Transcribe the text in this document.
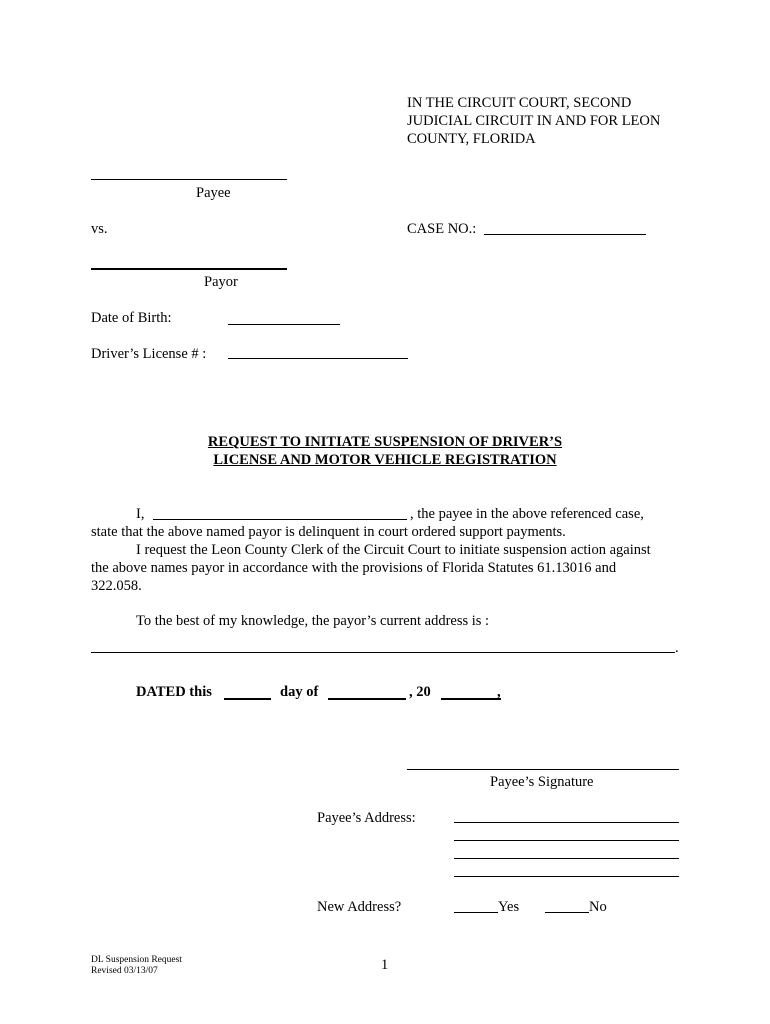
IN THE CIRCUIT COURT, SECOND
JUDICIAL CIRCUIT IN AND FOR LEON
COUNTY, FLORIDA
Payee
vs.	CASE NO.:
Payor
Date of Birth:
Driver’s License # :
REQUEST TO INITIATE SUSPENSION OF DRIVER’S
LICENSE AND MOTOR VEHICLE REGISTRATION
I,	, the payee in the above referenced case,
state that the above named payor is delinquent in court ordered support payments.
I request the Leon County Clerk of the Circuit Court to initiate suspension action against
the above names payor in accordance with the provisions of Florida Statutes 61.13016 and
322.058.
To the best of my knowledge, the payor’s current address is :
.
DATED this	day of	, 20	,
Payee’s Signature
Payee’s Address:
New Address?	Yes	No
DL Suspension Request
Revised 03/13/07	1
